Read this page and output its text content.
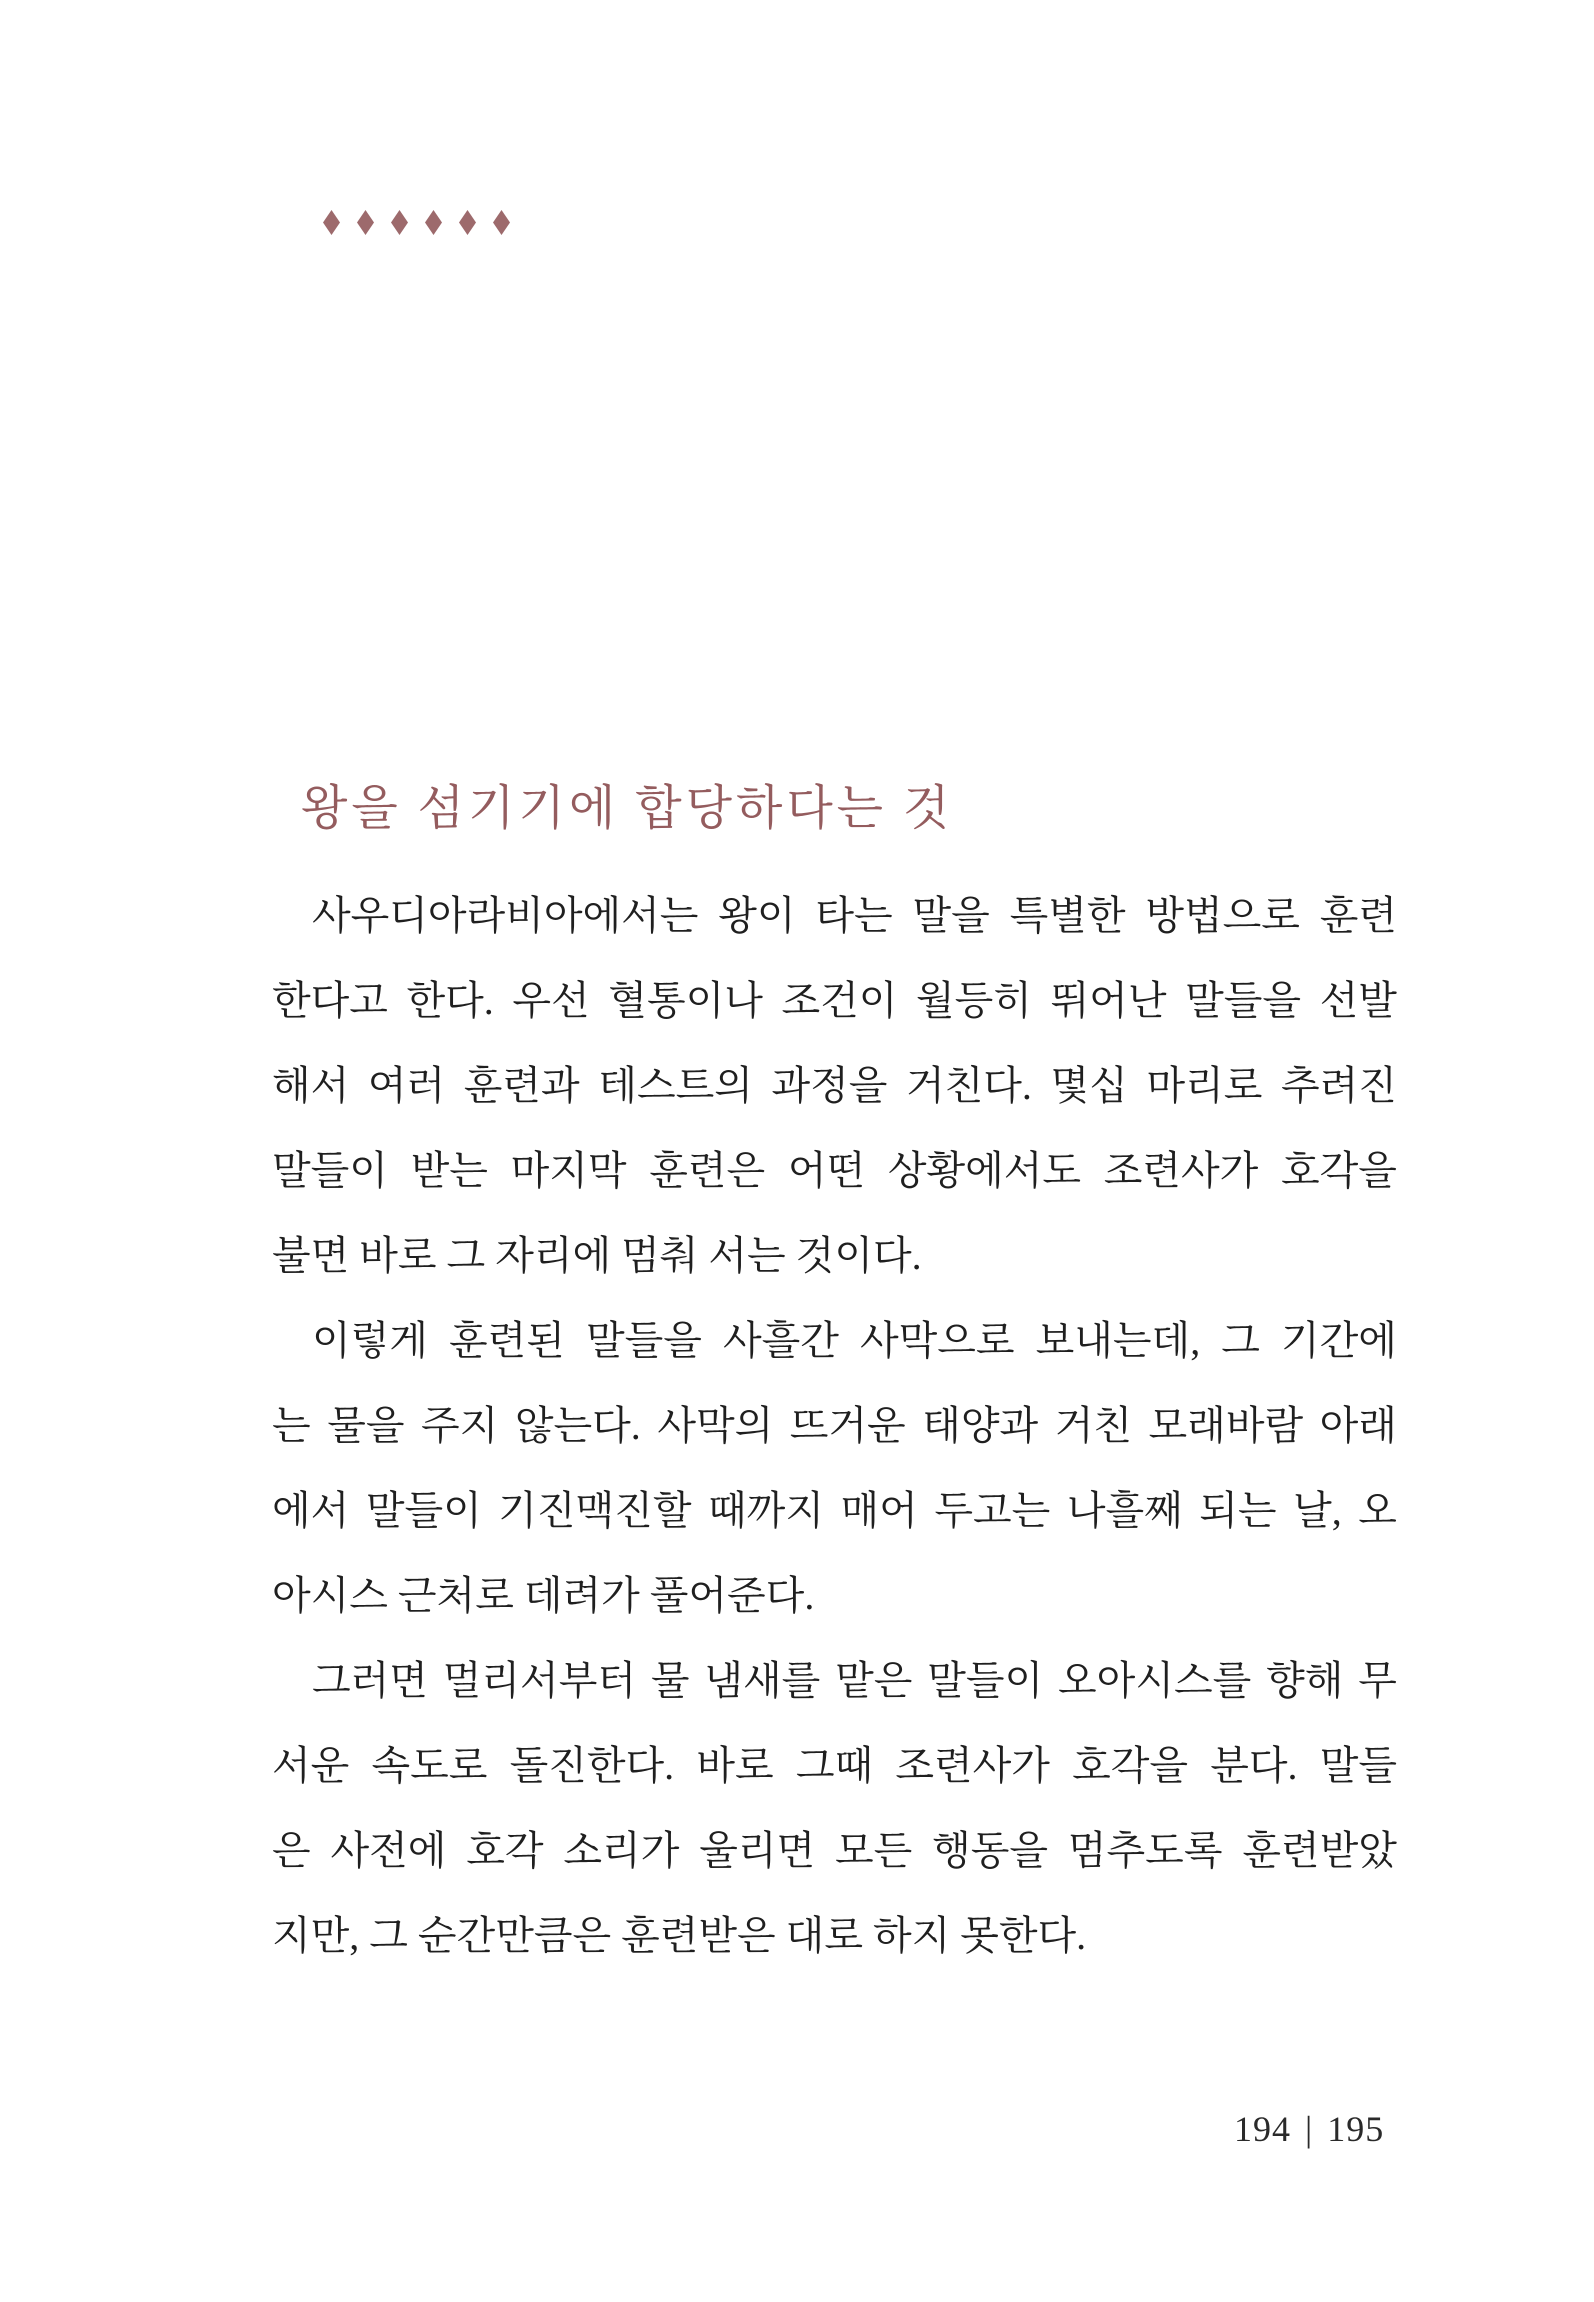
왕을 섬기기에 합당하다는 것
사우디아라비아에서는 왕이 타는 말을 특별한 방법으로 훈련
한다고 한다. 우선 혈통이나 조건이 월등히 뛰어난 말들을 선발
해서 여러 훈련과 테스트의 과정을 거친다. 몇십 마리로 추려진
말들이 받는 마지막 훈련은 어떤 상황에서도 조련사가 호각을
불면 바로 그 자리에 멈춰 서는 것이다.
이렇게 훈련된 말들을 사흘간 사막으로 보내는데, 그 기간에
는 물을 주지 않는다. 사막의 뜨거운 태양과 거친 모래바람 아래
에서 말들이 기진맥진할 때까지 매어 두고는 나흘째 되는 날, 오
아시스 근처로 데려가 풀어준다.
그러면 멀리서부터 물 냄새를 맡은 말들이 오아시스를 향해 무
서운 속도로 돌진한다. 바로 그때 조련사가 호각을 분다. 말들
은 사전에 호각 소리가 울리면 모든 행동을 멈추도록 훈련받았
지만, 그 순간만큼은 훈련받은 대로 하지 못한다.
194 | 195
